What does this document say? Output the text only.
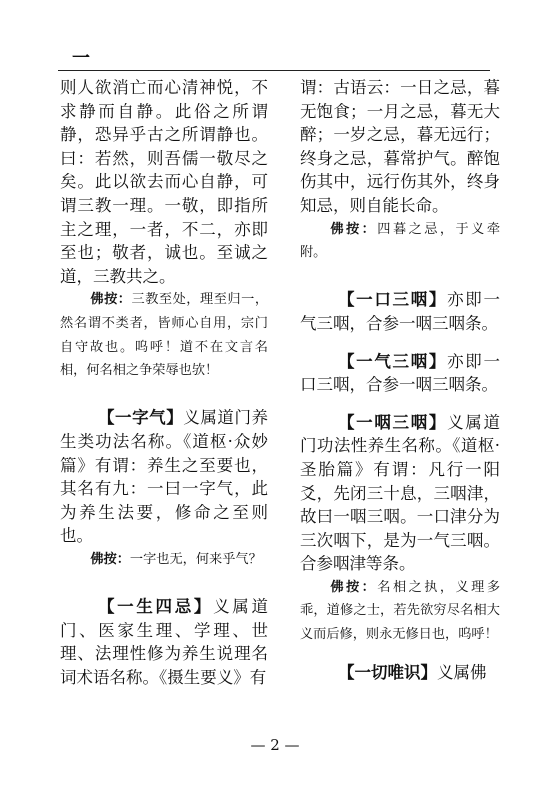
一

则人欲消亡而心清神悦，不求静而自静。此俗之所谓静，恐异乎古之所谓静也。曰：若然，则吾儒一敬尽之矣。此以欲去而心自静，可谓三教一理。一敬，即指所主之理，一者，不二，亦即至也；敬者，诚也。至诚之道，三教共之。

佛按：三教至处，理至归一，然名谓不类者，皆师心自用，宗门自守故也。呜呼！道不在文言名相，何名相之争荣辱也欤！

【一字气】义属道门养生类功法名称。《道枢·众妙篇》有谓：养生之至要也，其名有九：一曰一字气，此为养生法要，修命之至则也。

佛按：一字也无，何来乎气？

【一生四忌】义属道门、医家生理、学理、世理、法理性修为养生说理名词术语名称。《摄生要义》有

谓：古语云：一日之忌，暮无饱食；一月之忌，暮无大醉；一岁之忌，暮无远行；终身之忌，暮常护气。醉饱伤其中，远行伤其外，终身知忌，则自能长命。

佛按：四暮之忌，于义牵附。

【一口三咽】亦即一气三咽，合参一咽三咽条。

【一气三咽】亦即一口三咽，合参一咽三咽条。

【一咽三咽】义属道门功法性养生名称。《道枢·圣胎篇》有谓：凡行一阳爻，先闭三十息，三咽津，故曰一咽三咽。一口津分为三次咽下，是为一气三咽。合参咽津等条。

佛按：名相之执，义理多乖，道修之士，若先欲穷尽名相大义而后修，则永无修日也，呜呼！

【一切唯识】义属佛

— 2 —
